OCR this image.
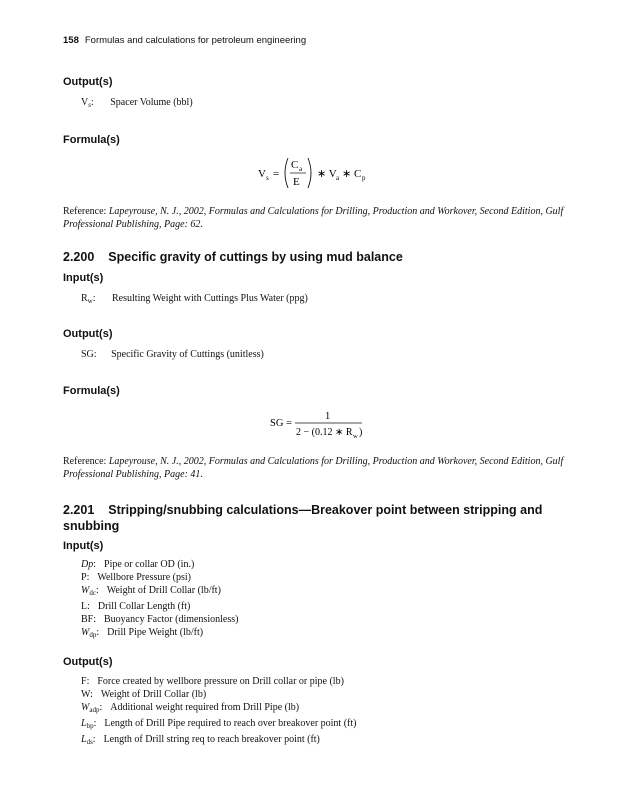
158 Formulas and calculations for petroleum engineering
Output(s)
$V_s$: Spacer Volume (bbl)
Formula(s)
V s =
C a
E
∗ V a ∗ C p
Reference: Lapeyrouse, N. J., 2002, Formulas and Calculations for Drilling, Production and Workover, Second Edition, Gulf Professional Publishing, Page: 62.
2.200 Specific gravity of cuttings by using mud balance
Input(s)
$R_w$: Resulting Weight with Cuttings Plus Water (ppg)
Output(s)
SG: Specific Gravity of Cuttings (unitless)
Formula(s)
SG =
1
2 − (0.12 ∗ R w )
Reference: Lapeyrouse, N. J., 2002, Formulas and Calculations for Drilling, Production and Workover, Second Edition, Gulf Professional Publishing, Page: 41.
2.201 Stripping/snubbing calculations—Breakover point between stripping and
snubbing
Input(s)
Dp: Pipe or collar OD (in.)
P: Wellbore Pressure (psi)
$W_{dc}$: Weight of Drill Collar (lb/ft)
L: Drill Collar Length (ft)
BF: Buoyancy Factor (dimensionless)
$W_{dp}$: Drill Pipe Weight (lb/ft)
Output(s)
F: Force created by wellbore pressure on Drill collar or pipe (lb)
W: Weight of Drill Collar (lb)
$W_{adp}$: Additional weight required from Drill Pipe (lb)
$L_{bp}$: Length of Drill Pipe required to reach over breakover point (ft)
$L_{ds}$: Length of Drill string req to reach breakover point (ft)
